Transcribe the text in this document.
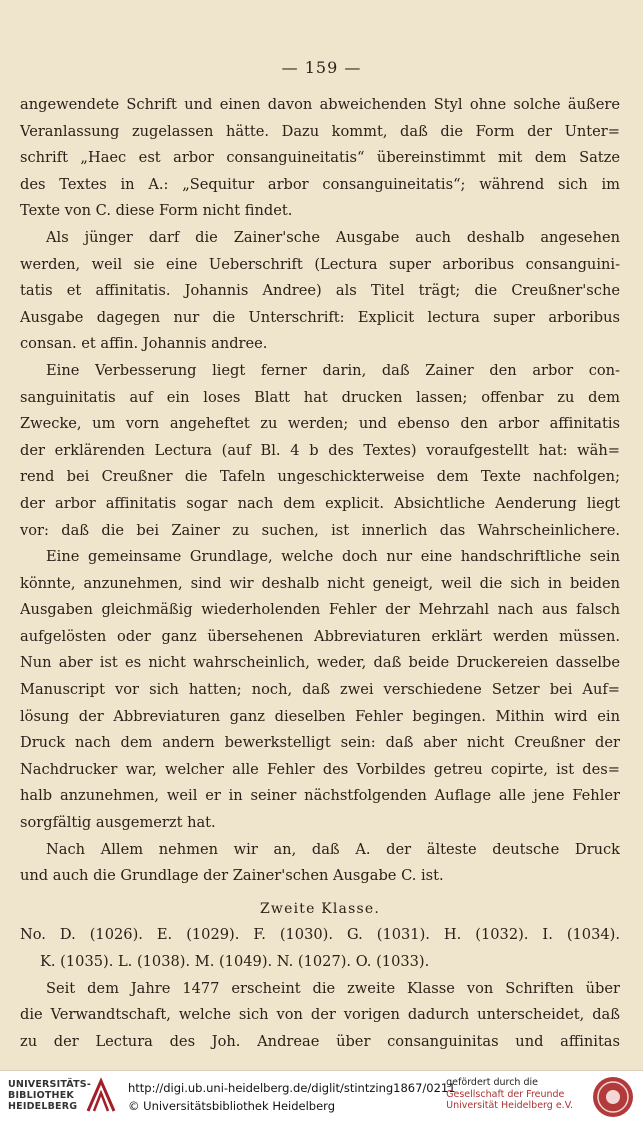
— 159 —
angewendete Schrift und einen davon abweichenden Styl ohne solche äußere
Veranlassung zugelassen hätte. Dazu kommt, daß die Form der Unter=
schrift „Haec est arbor consanguineitatis“ übereinstimmt mit dem Satze
des Textes in A.: „Sequitur arbor consanguineitatis“; während sich im
Texte von C. diese Form nicht findet.
Als jünger darf die Zainer'sche Ausgabe auch deshalb angesehen
werden, weil sie eine Ueberschrift (Lectura super arboribus consanguini-
tatis et affinitatis. Johannis Andree) als Titel trägt; die Creußner'sche
Ausgabe dagegen nur die Unterschrift: Explicit lectura super arboribus
consan. et affin. Johannis andree.
Eine Verbesserung liegt ferner darin, daß Zainer den arbor con-
sanguinitatis auf ein loses Blatt hat drucken lassen; offenbar zu dem
Zwecke, um vorn angeheftet zu werden; und ebenso den arbor affinitatis
der erklärenden Lectura (auf Bl. 4 b des Textes) voraufgestellt hat: wäh=
rend bei Creußner die Tafeln ungeschickterweise dem Texte nachfolgen;
der arbor affinitatis sogar nach dem explicit. Absichtliche Aenderung liegt
vor: daß die bei Zainer zu suchen, ist innerlich das Wahrscheinlichere.
Eine gemeinsame Grundlage, welche doch nur eine handschriftliche sein
könnte, anzunehmen, sind wir deshalb nicht geneigt, weil die sich in beiden
Ausgaben gleichmäßig wiederholenden Fehler der Mehrzahl nach aus falsch
aufgelösten oder ganz übersehenen Abbreviaturen erklärt werden müssen.
Nun aber ist es nicht wahrscheinlich, weder, daß beide Druckereien dasselbe
Manuscript vor sich hatten; noch, daß zwei verschiedene Setzer bei Auf=
lösung der Abbreviaturen ganz dieselben Fehler begingen. Mithin wird ein
Druck nach dem andern bewerkstelligt sein: daß aber nicht Creußner der
Nachdrucker war, welcher alle Fehler des Vorbildes getreu copirte, ist des=
halb anzunehmen, weil er in seiner nächstfolgenden Auflage alle jene Fehler
sorgfältig ausgemerzt hat.
Nach Allem nehmen wir an, daß A. der älteste deutsche Druck
und auch die Grundlage der Zainer'schen Ausgabe C. ist.
Zweite Klasse.
No. D. (1026). E. (1029). F. (1030). G. (1031). H. (1032). I. (1034).
K. (1035). L. (1038). M. (1049). N. (1027). O. (1033).
Seit dem Jahre 1477 erscheint die zweite Klasse von Schriften über
die Verwandtschaft, welche sich von der vorigen dadurch unterscheidet, daß
zu der Lectura des Joh. Andreae über consanguinitas und affinitas
UNIVERSITÄTS-
BIBLIOTHEK
HEIDELBERG
http://digi.ub.uni-heidelberg.de/diglit/stintzing1867/0211
© Universitätsbibliothek Heidelberg
gefördert durch die
Gesellschaft der Freunde
Universität Heidelberg e.V.
